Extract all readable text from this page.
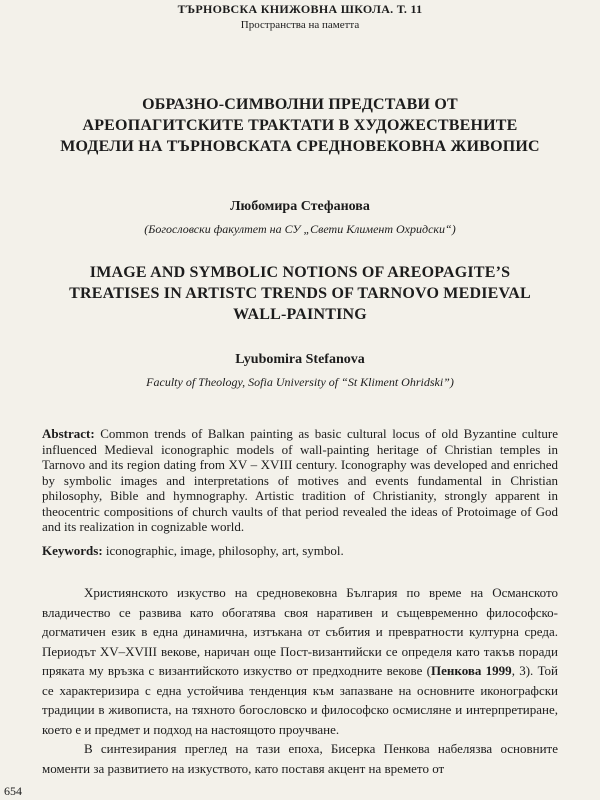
ТЪРНОВСКА КНИЖОВНА ШКОЛА. Т. 11
Пространства на паметта
ОБРАЗНО-СИМВОЛНИ ПРЕДСТАВИ ОТ АРЕОПАГИТСКИТЕ ТРАКТАТИ В ХУДОЖЕСТВЕНИТЕ МОДЕЛИ НА ТЪРНОВСКАТА СРЕДНОВЕКОВНА ЖИВОПИС
Любомира Стефанова
(Богословски факултет на СУ „Свети Климент Охридски“)
IMAGE AND SYMBOLIC NOTIONS OF AREOPAGITE’S TREATISES IN ARTISTC TRENDS OF TARNOVO MEDIEVAL WALL-PAINTING
Lyubomira Stefanova
Faculty of Theology, Sofia University of “St Kliment Ohridski”)
Abstract: Common trends of Balkan painting as basic cultural locus of old Byzantine culture influenced Medieval iconographic models of wall-painting heritage of Christian temples in Tarnovo and its region dating from XV – XVIII century. Iconography was developed and enriched by symbolic images and interpretations of motives and events fundamental in Christian philosophy, Bible and hymnography. Artistic tradition of Christianity, strongly apparent in theocentric compositions of church vaults of that period revealed the ideas of Protoimage of God and its realization in cognizable world.
Keywords: iconographic, image, philosophy, art, symbol.

Християнското изкуство на средновековна България по време на Османското владичество се развива като обогатява своя наративен и същевременно философско-догматичен език в една динамична, изтъкана от събития и превратности културна среда. Периодът XV–XVIII векове, наричан още Пост-византийски се определя като такъв поради пряката му връзка с византийското изкуство от предходните векове (Пенкова 1999, 3). Той се характеризира с една устойчива тенденция към запазване на основните иконографски традиции в живописта, на тяхното богословско и философско осмисляне и интерпретиране, което е и предмет и подход на настоящото проучване.

В синтезирания преглед на тази епоха, Бисерка Пенкова набелязва основните моменти за развитието на изкуството, като поставя акцент на времето от

654
